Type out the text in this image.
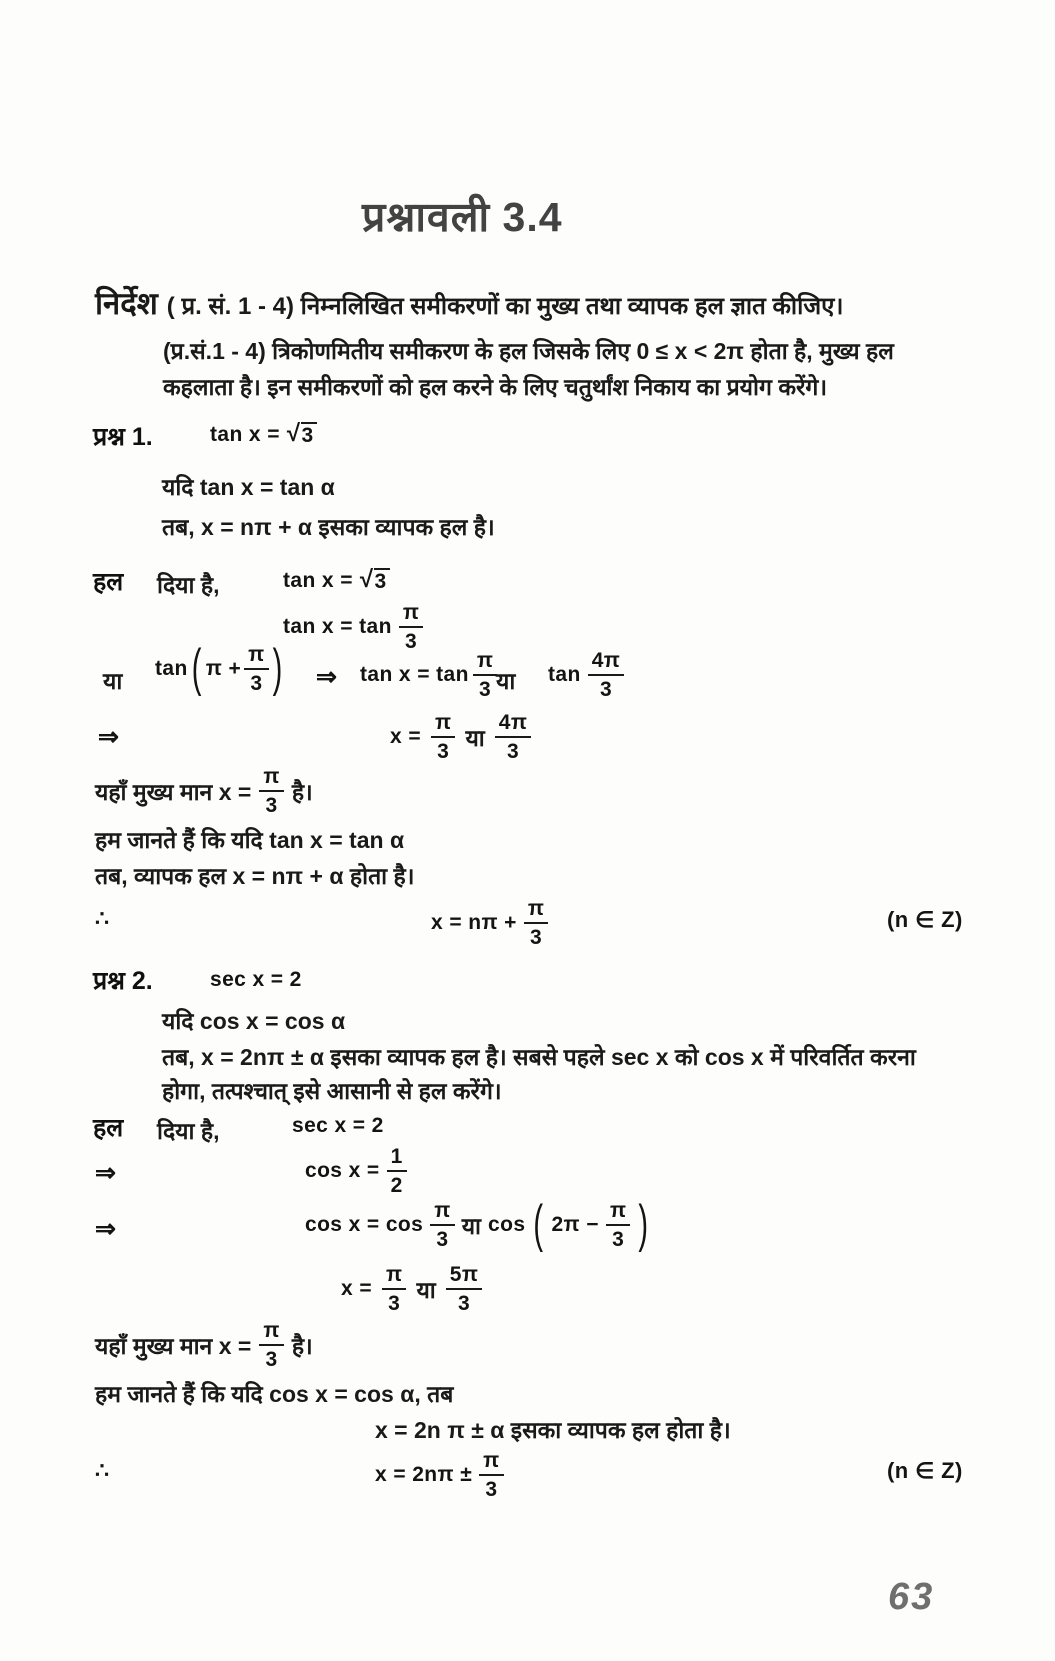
प्रश्नावली 3.4
निर्देश ( प्र. सं. 1 - 4) निम्नलिखित समीकरणों का मुख्य तथा व्यापक हल ज्ञात कीजिए।
(प्र.सं.1 - 4) त्रिकोणमितीय समीकरण के हल जिसके लिए 0 ≤ x < 2π होता है, मुख्य हल
कहलाता है। इन समीकरणों को हल करने के लिए चतुर्थांश निकाय का प्रयोग करेंगे।
प्रश्न 1.	tan x = √ 3
यदि tan x = tan α
तब, x = nπ + α इसका व्यापक हल है।
हल दिया है,	tan x = √ 3
$\tan x = \tan \frac{\pi}{3}$
या tan ( $\pi + \frac{\pi}{3}$ ) ⇒ $\tan x = \tan \frac{\pi}{3}$
या $\tan \frac{4\pi}{3}$
⇒	$x = \frac{\pi}{3}$ या $\frac{4\pi}{3}$
यहाँ मुख्य मान $x = \frac{\pi}{3}$ है।
हम जानते हैं कि यदि tan x = tan α
तब, व्यापक हल x = nπ + α होता है।
∴	$x = n\pi + \frac{\pi}{3}$	(n ∈ Z)
प्रश्न 2.	sec x = 2
यदि cos x = cos α
तब, x = 2nπ ± α इसका व्यापक हल है। सबसे पहले sec x को cos x में परिवर्तित करना
होगा, तत्पश्चात् इसे आसानी से हल करेंगे।
हल दिया है,	sec x = 2
⇒	$\cos x = \frac{1}{2}$
⇒	$\cos x = \cos \frac{\pi}{3}$ या cos ( $2\pi - \frac{\pi}{3}$ )
$x = \frac{\pi}{3}$ या $\frac{5\pi}{3}$
यहाँ मुख्य मान $x = \frac{\pi}{3}$ है।
हम जानते हैं कि यदि cos x = cos α, तब
x = 2n π ± α इसका व्यापक हल होता है।
∴	$x = 2n\pi \pm \frac{\pi}{3}$	(n ∈ Z)
63
